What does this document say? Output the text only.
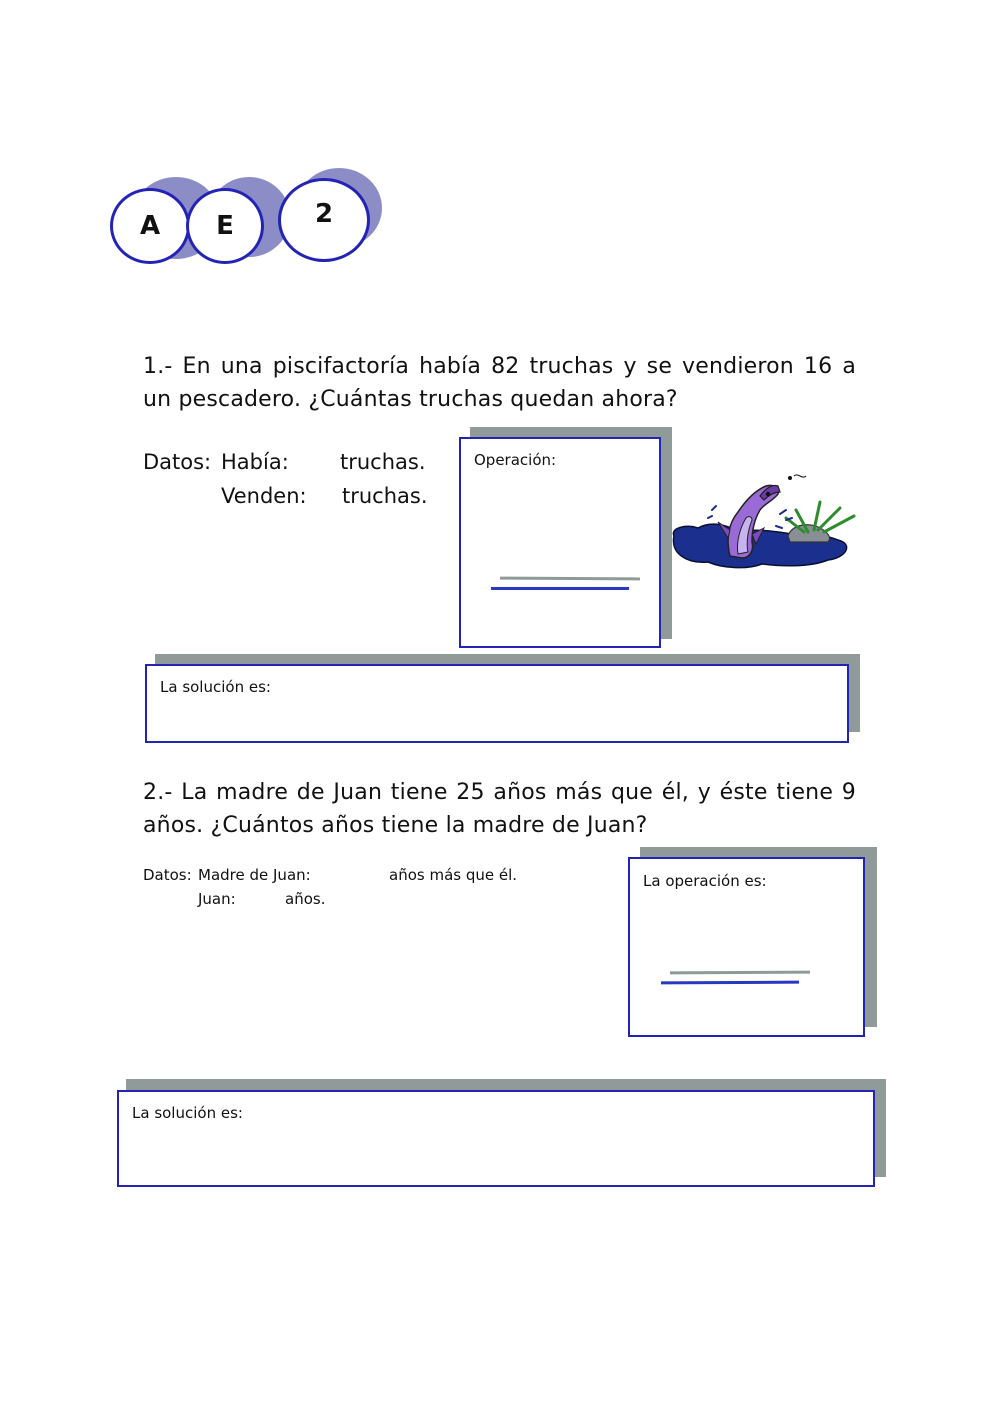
A E	2
1.- En una piscifactoría había 82 truchas y se vendieron 16 a un pescadero. ¿Cuántas truchas quedan ahora?
Datos: Había: truchas.
Venden: truchas.
Operación:
La solución es:
2.- La madre de Juan tiene 25 años más que él, y éste tiene 9 años. ¿Cuántos años tiene la madre de Juan?
Datos: Madre de Juan:	años más que él.
Juan:	años.
La operación es:
La solución es:
